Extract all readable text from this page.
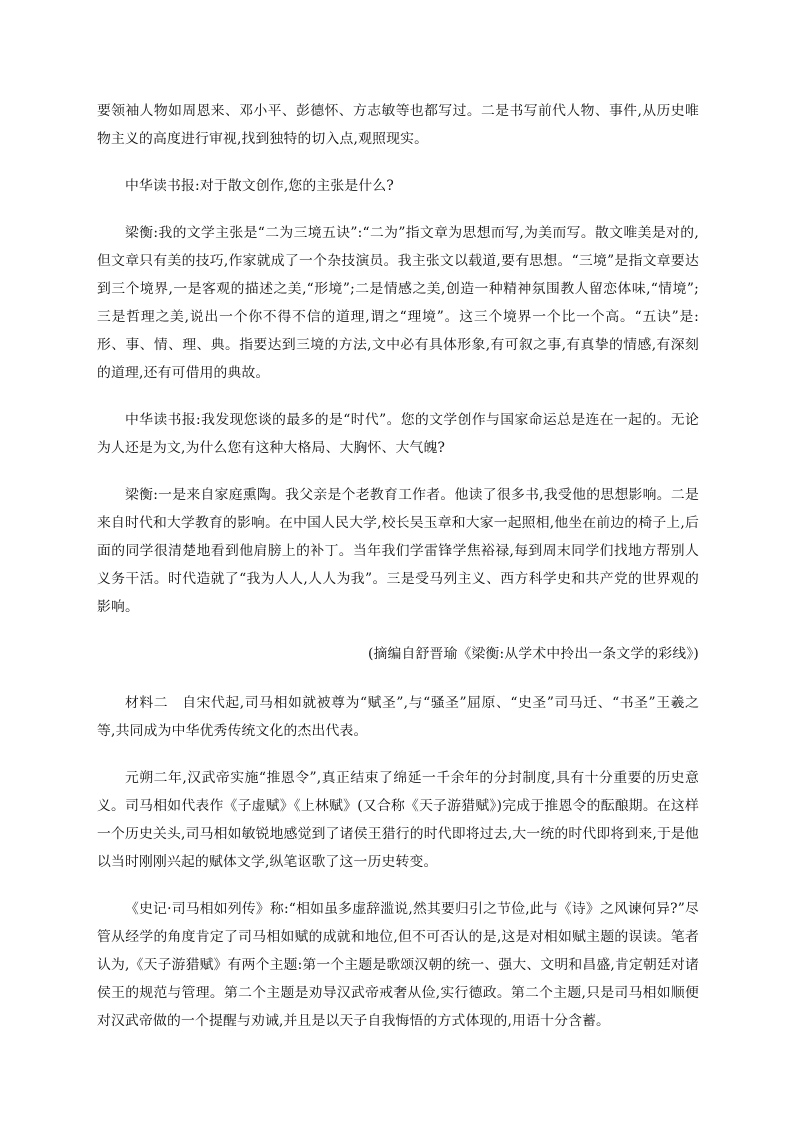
要领袖人物如周恩来、邓小平、彭德怀、方志敏等也都写过。二是书写前代人物、事件,从历史唯物主义的高度进行审视,找到独特的切入点,观照现实。

中华读书报:对于散文创作,您的主张是什么?

梁衡:我的文学主张是“二为三境五诀”:“二为”指文章为思想而写,为美而写。散文唯美是对的,但文章只有美的技巧,作家就成了一个杂技演员。我主张文以载道,要有思想。“三境”是指文章要达到三个境界,一是客观的描述之美,“形境”;二是情感之美,创造一种精神氛围教人留恋体味,“情境”;三是哲理之美,说出一个你不得不信的道理,谓之“理境”。这三个境界一个比一个高。“五诀”是:形、事、情、理、典。指要达到三境的方法,文中必有具体形象,有可叙之事,有真挚的情感,有深刻的道理,还有可借用的典故。

中华读书报:我发现您谈的最多的是“时代”。您的文学创作与国家命运总是连在一起的。无论为人还是为文,为什么您有这种大格局、大胸怀、大气魄?

梁衡:一是来自家庭熏陶。我父亲是个老教育工作者。他读了很多书,我受他的思想影响。二是来自时代和大学教育的影响。在中国人民大学,校长吴玉章和大家一起照相,他坐在前边的椅子上,后面的同学很清楚地看到他肩膀上的补丁。当年我们学雷锋学焦裕禄,每到周末同学们找地方帮别人义务干活。时代造就了“我为人人,人人为我”。三是受马列主义、西方科学史和共产党的世界观的影响。

(摘编自舒晋瑜《梁衡:从学术中拎出一条文学的彩线》)

材料二 自宋代起,司马相如就被尊为“赋圣”,与“骚圣”屈原、“史圣”司马迁、“书圣”王羲之等,共同成为中华优秀传统文化的杰出代表。

元朔二年,汉武帝实施“推恩令”,真正结束了绵延一千余年的分封制度,具有十分重要的历史意义。司马相如代表作《子虚赋》《上林赋》(又合称《天子游猎赋》)完成于推恩令的酝酿期。在这样一个历史关头,司马相如敏锐地感觉到了诸侯王猎行的时代即将过去,大一统的时代即将到来,于是他以当时刚刚兴起的赋体文学,纵笔讴歌了这一历史转变。

《史记·司马相如列传》称:“相如虽多虚辞滥说,然其要归引之节俭,此与《诗》之风谏何异?”尽管从经学的角度肯定了司马相如赋的成就和地位,但不可否认的是,这是对相如赋主题的误读。笔者认为,《天子游猎赋》有两个主题:第一个主题是歌颂汉朝的统一、强大、文明和昌盛,肯定朝廷对诸侯王的规范与管理。第二个主题是劝导汉武帝戒奢从俭,实行德政。第二个主题,只是司马相如顺便对汉武帝做的一个提醒与劝诫,并且是以天子自我悔悟的方式体现的,用语十分含蓄。
